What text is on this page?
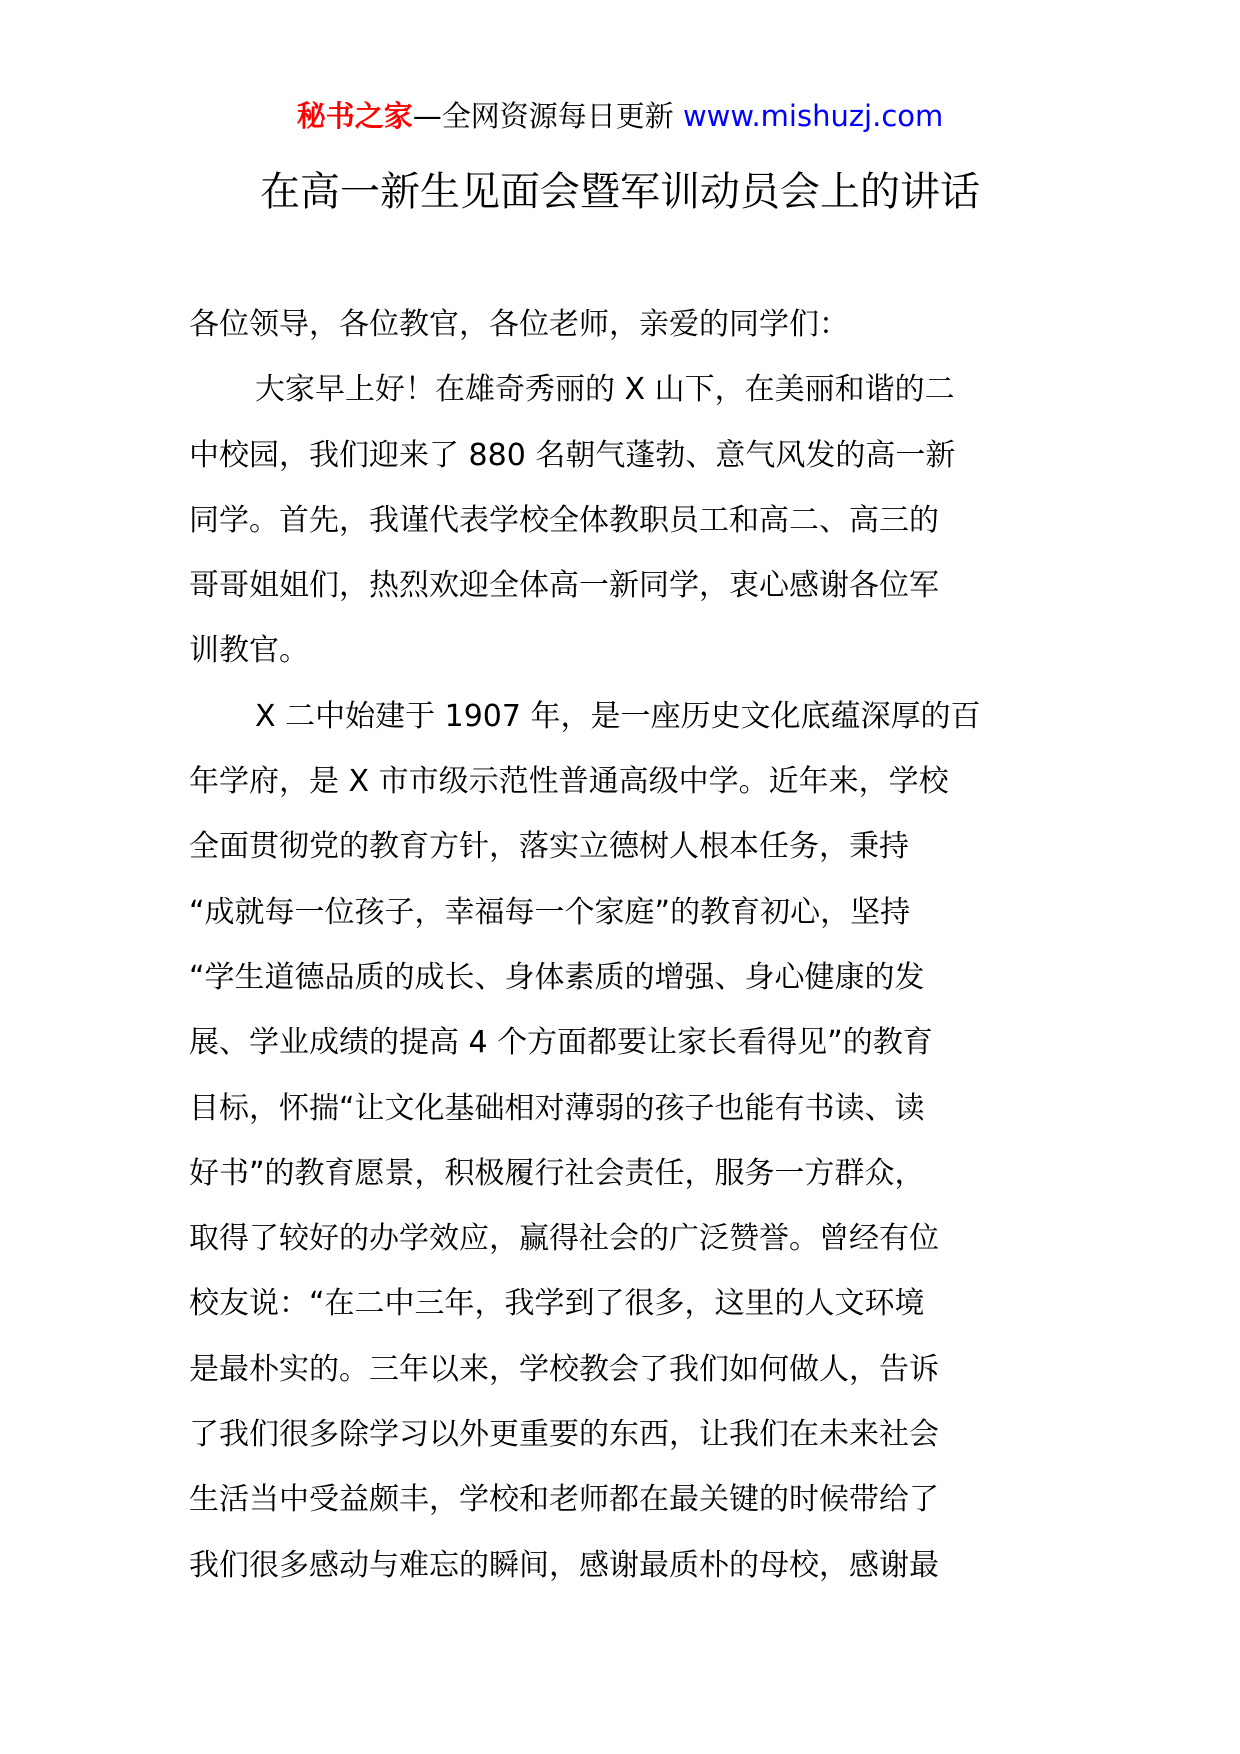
秘书之家—全网资源每日更新 www.mishuzj.com
在高一新生见面会暨军训动员会上的讲话
各位领导，各位教官，各位老师，亲爱的同学们：
大家早上好！在雄奇秀丽的 X 山下，在美丽和谐的二
中校园，我们迎来了 880 名朝气蓬勃、意气风发的高一新
同学。首先，我谨代表学校全体教职员工和高二、高三的
哥哥姐姐们，热烈欢迎全体高一新同学，衷心感谢各位军
训教官。
X 二中始建于 1907 年，是一座历史文化底蕴深厚的百
年学府，是 X 市市级示范性普通高级中学。近年来，学校
全面贯彻党的教育方针，落实立德树人根本任务，秉持
“成就每一位孩子，幸福每一个家庭”的教育初心，坚持
“学生道德品质的成长、身体素质的增强、身心健康的发
展、学业成绩的提高 4 个方面都要让家长看得见”的教育
目标，怀揣“让文化基础相对薄弱的孩子也能有书读、读
好书”的教育愿景，积极履行社会责任，服务一方群众，
取得了较好的办学效应，赢得社会的广泛赞誉。曾经有位
校友说：“在二中三年，我学到了很多，这里的人文环境
是最朴实的。三年以来，学校教会了我们如何做人，告诉
了我们很多除学习以外更重要的东西，让我们在未来社会
生活当中受益颇丰，学校和老师都在最关键的时候带给了
我们很多感动与难忘的瞬间，感谢最质朴的母校，感谢最
